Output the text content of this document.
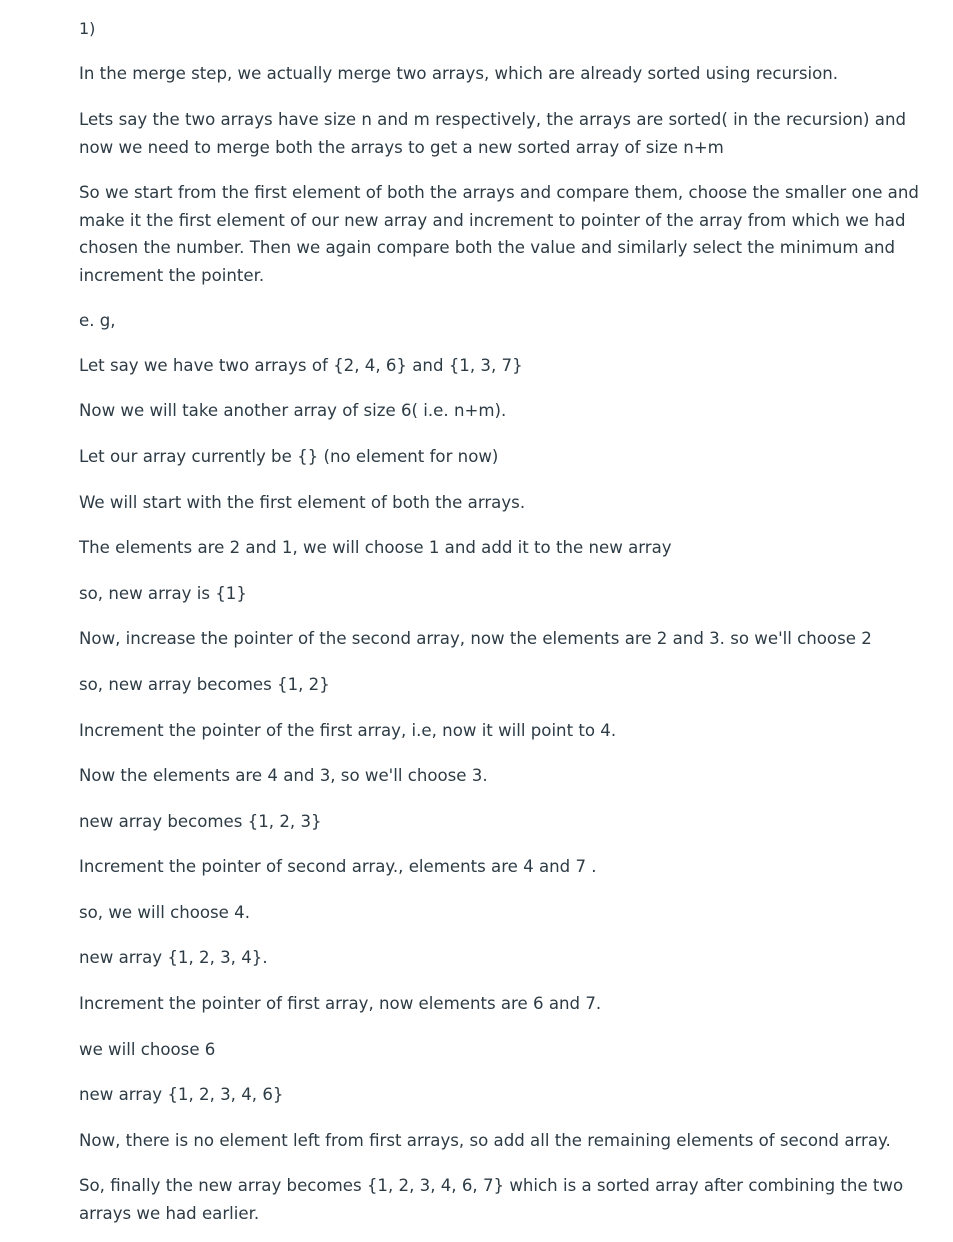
1)

In the merge step, we actually merge two arrays, which are already sorted using recursion.

Lets say the two arrays have size n and m respectively, the arrays are sorted( in the recursion) and now we need to merge both the arrays to get a new sorted array of size n+m

So we start from the first element of both the arrays and compare them, choose the smaller one and make it the first element of our new array and increment to pointer of the array from which we had chosen the number. Then we again compare both the value and similarly select the minimum and increment the pointer.

e. g,

Let say we have two arrays of {2, 4, 6} and {1, 3, 7}

Now we will take another array of size 6( i.e. n+m).

Let our array currently be {} (no element for now)

We will start with the first element of both the arrays.

The elements are 2 and 1, we will choose 1 and add it to the new array

so, new array is {1}

Now, increase the pointer of the second array, now the elements are 2 and 3. so we'll choose 2

so, new array becomes {1, 2}

Increment the pointer of the first array, i.e, now it will point to 4.

Now the elements are 4 and 3, so we'll choose 3.

new array becomes {1, 2, 3}

Increment the pointer of second array., elements are 4 and 7 .

so, we will choose 4.

new array {1, 2, 3, 4}.

Increment the pointer of first array, now elements are 6 and 7.

we will choose 6

new array {1, 2, 3, 4, 6}

Now, there is no element left from first arrays, so add all the remaining elements of second array.

So, finally the new array becomes {1, 2, 3, 4, 6, 7} which is a sorted array after combining the two arrays we had earlier.
